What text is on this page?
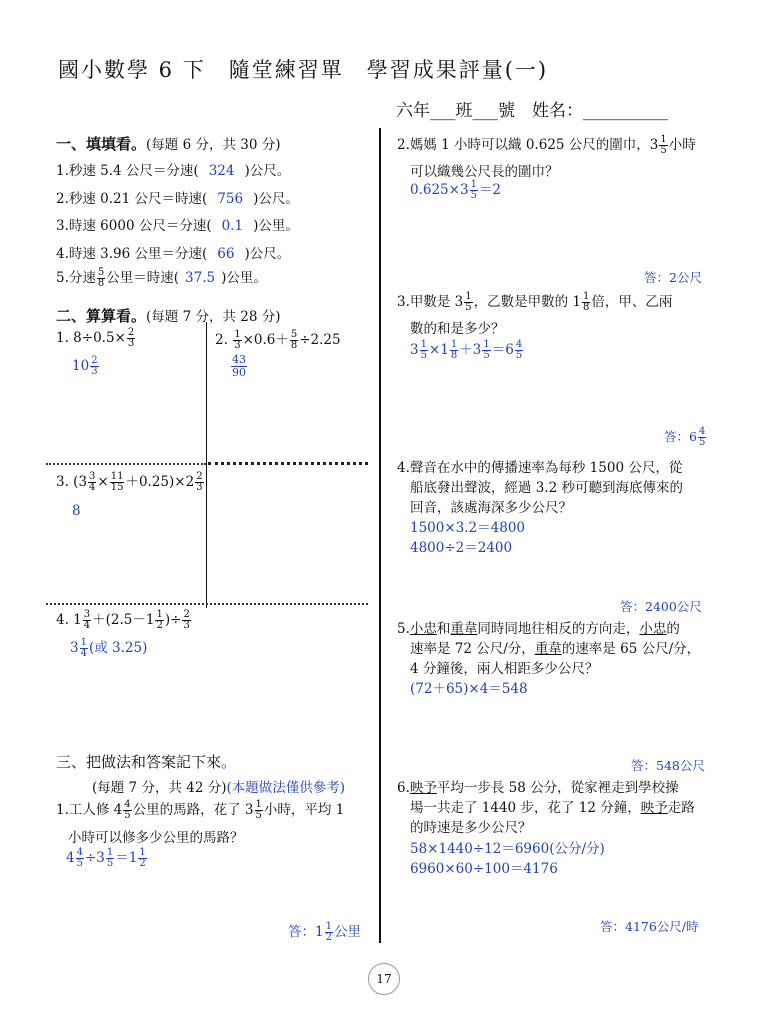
國小數學 6 下　隨堂練習單　學習成果評量(一)
六年___班___號　姓名：__________
一、填填看。(每題 6 分，共 30 分)
1.秒速 5.4 公尺＝分速( 324 )公尺。
2.秒速 0.21 公尺＝時速( 756 )公尺。
3.時速 6000 公尺＝分速( 0.1 )公里。
4.時速 3.96 公里＝分速( 66 )公尺。
5.分速 $\frac{5}{8}$ 公里＝時速( 37.5 )公里。
二、算算看。(每題 7 分，共 28 分)
1. $8\div 0.5\times \frac{2}{3}$
$10 \frac{2}{3}$
2. $\frac{1}{3} \times 0.6+ \frac{5}{8} \div 2.25$
$\frac{43}{90}$
3. $(3 \frac{3}{4} \times \frac{11}{15} +0.25)\times 2 \frac{2}{3}$
8
4. $1 \frac{3}{4} +(2.5-1 \frac{1}{2}$ )÷ $\frac{2}{3}$
$3 \frac{1}{4}$ (或 3.25)
三、把做法和答案記下來。
(每題 7 分，共 42 分)(本題做法僅供參考)
1.工人修 $4 \frac{4}{5}$ 公里的馬路，花了 $3 \frac{1}{5}$ 小時，平均 1
小時可以修多少公里的馬路？
$4 \frac{4}{5} \div 3 \frac{1}{5} =1 \frac{1}{2}$
答：$1 \frac{1}{2}$ 公里
2.媽媽 1 小時可以織 0.625 公尺的圍巾，$3 \frac{1}{5}$ 小時
可以織幾公尺長的圍巾？
$0.625\times 3 \frac{1}{5} =2$
答：2公尺
3.甲數是 $3 \frac{1}{5}$ ，乙數是甲數的 $1 \frac{1}{8}$ 倍，甲、乙兩
數的和是多少？
$3 \frac{1}{5} \times 1 \frac{1}{8} +3 \frac{1}{5} =6 \frac{4}{5}$
答：$6 \frac{4}{5}$
4.聲音在水中的傳播速率為每秒 1500 公尺，從
船底發出聲波，經過 3.2 秒可聽到海底傳來的
回音，該處海深多少公尺？
1500×3.2＝4800
4800÷2＝2400
答：2400公尺
5.小忠和重韋同時同地往相反的方向走，小忠的
速率是 72 公尺/分，重韋的速率是 65 公尺/分，
4 分鐘後，兩人相距多少公尺？
(72＋65)×4＝548
答：548公尺
6.映予平均一步長 58 公分，從家裡走到學校操
場一共走了 1440 步，花了 12 分鐘，映予走路
的時速是多少公尺？
58×1440÷12＝6960(公分/分)
6960×60÷100＝4176
答：4176公尺/時
17
